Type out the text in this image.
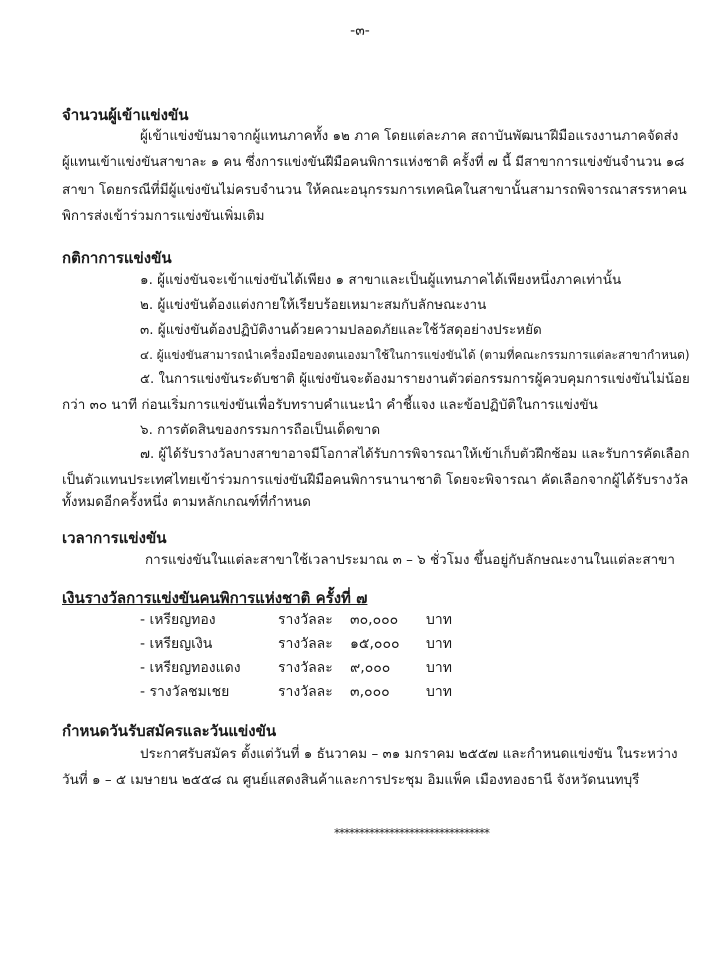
-๓-
จำนวนผู้เข้าแข่งขัน
ผู้เข้าแข่งขันมาจากผู้แทนภาคทั้ง ๑๒ ภาค โดยแต่ละภาค สถาบันพัฒนาฝีมือแรงงานภาคจัดส่ง
ผู้แทนเข้าแข่งขันสาขาละ ๑ คน ซึ่งการแข่งขันฝีมือคนพิการแห่งชาติ ครั้งที่ ๗ นี้ มีสาขาการแข่งขันจำนวน ๑๘
สาขา โดยกรณีที่มีผู้แข่งขันไม่ครบจำนวน ให้คณะอนุกรรมการเทคนิคในสาขานั้นสามารถพิจารณาสรรหาคน
พิการส่งเข้าร่วมการแข่งขันเพิ่มเติม
กติกาการแข่งขัน
๑. ผู้แข่งขันจะเข้าแข่งขันได้เพียง ๑ สาขาและเป็นผู้แทนภาคได้เพียงหนึ่งภาคเท่านั้น
๒. ผู้แข่งขันต้องแต่งกายให้เรียบร้อยเหมาะสมกับลักษณะงาน
๓. ผู้แข่งขันต้องปฏิบัติงานด้วยความปลอดภัยและใช้วัสดุอย่างประหยัด
๔. ผู้แข่งขันสามารถนำเครื่องมือของตนเองมาใช้ในการแข่งขันได้ (ตามที่คณะกรรมการแต่ละสาขากำหนด)
๕. ในการแข่งขันระดับชาติ ผู้แข่งขันจะต้องมารายงานตัวต่อกรรมการผู้ควบคุมการแข่งขันไม่น้อย
กว่า ๓๐ นาที ก่อนเริ่มการแข่งขันเพื่อรับทราบคำแนะนำ คำชี้แจง และข้อปฏิบัติในการแข่งขัน
๖. การตัดสินของกรรมการถือเป็นเด็ดขาด
๗. ผู้ได้รับรางวัลบางสาขาอาจมีโอกาสได้รับการพิจารณาให้เข้าเก็บตัวฝึกซ้อม และรับการคัดเลือก
เป็นตัวแทนประเทศไทยเข้าร่วมการแข่งขันฝีมือคนพิการนานาชาติ โดยจะพิจารณา คัดเลือกจากผู้ได้รับรางวัล
ทั้งหมดอีกครั้งหนึ่ง ตามหลักเกณฑ์ที่กำหนด
เวลาการแข่งขัน
การแข่งขันในแต่ละสาขาใช้เวลาประมาณ ๓ – ๖ ชั่วโมง ขึ้นอยู่กับลักษณะงานในแต่ละสาขา
เงินรางวัลการแข่งขันคนพิการแห่งชาติ ครั้งที่ ๗
- เหรียญทอง	รางวัลละ ๓๐,๐๐๐ บาท
- เหรียญเงิน	รางวัลละ ๑๕,๐๐๐ บาท
- เหรียญทองแดง	รางวัลละ ๙,๐๐๐	บาท
- รางวัลชมเชย	รางวัลละ ๓,๐๐๐	บาท
กำหนดวันรับสมัครและวันแข่งขัน
ประกาศรับสมัคร ตั้งแต่วันที่ ๑ ธันวาคม – ๓๑ มกราคม ๒๕๕๗ และกำหนดแข่งขัน ในระหว่าง
วันที่ ๑ – ๕ เมษายน ๒๕๕๘ ณ ศูนย์แสดงสินค้าและการประชุม อิมแพ็ค เมืองทองธานี จังหวัดนนทบุรี
*******************************
